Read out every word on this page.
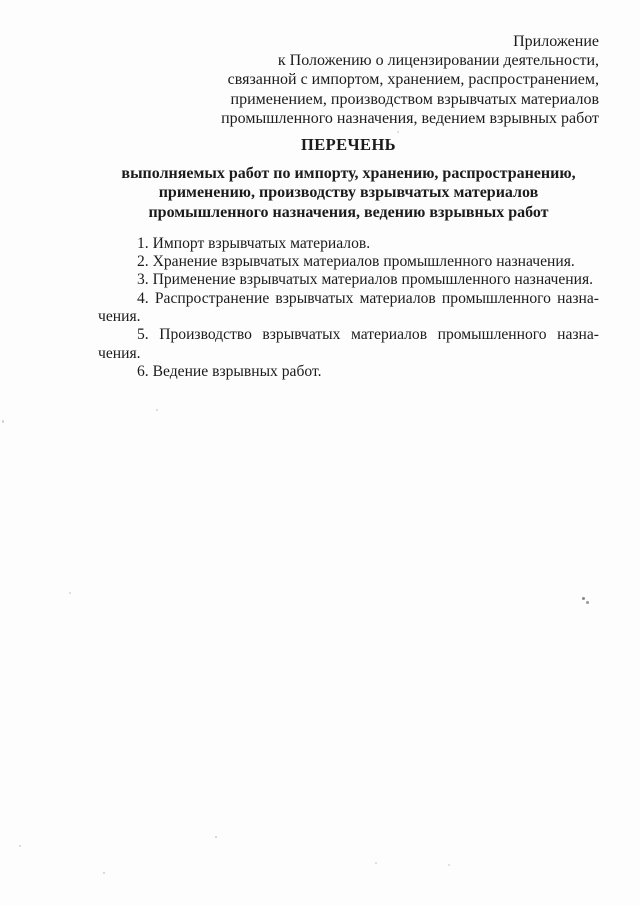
Приложение
к Положению о лицензировании деятельности,
связанной с импортом, хранением, распространением,
применением, производством взрывчатых материалов
промышленного назначения, ведением взрывных работ
ПЕРЕЧЕНЬ
выполняемых работ по импорту, хранению, распространению,
применению, производству взрывчатых материалов
промышленного назначения, ведению взрывных работ

1. Импорт взрывчатых материалов.

2. Хранение взрывчатых материалов промышленного назначения.

3. Применение взрывчатых материалов промышленного назначения.

4. Распространение взрывчатых материалов промышленного назна-

чения.

5. Производство взрывчатых материалов промышленного назна-

чения.

6. Ведение взрывных работ.
